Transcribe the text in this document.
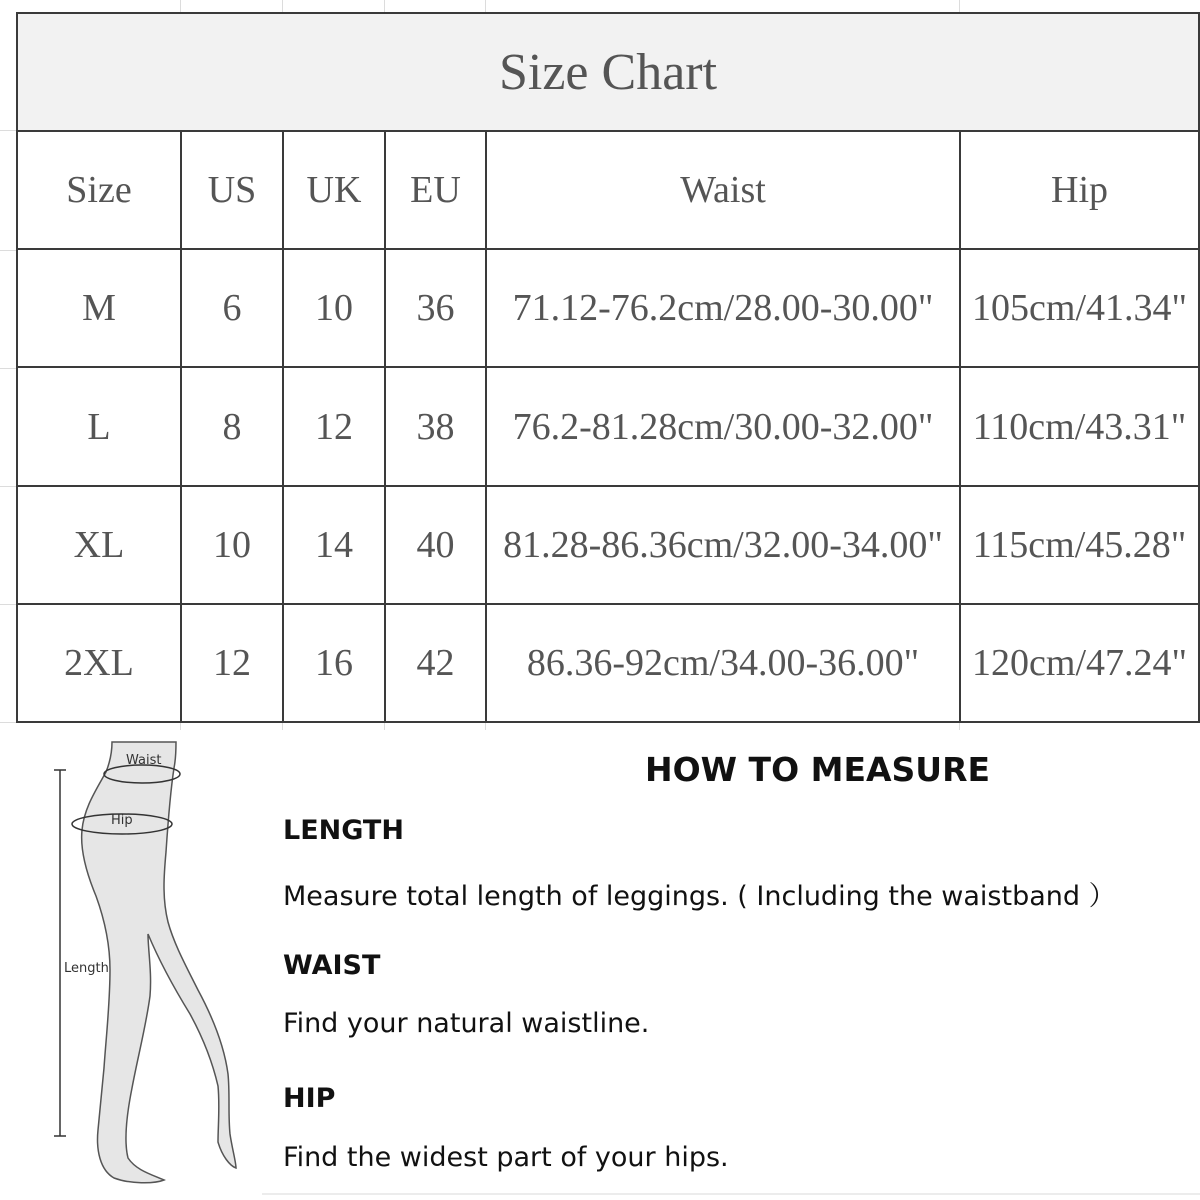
Size Chart					
Size	US	UK	EU	Waist	Hip
M	6	10	36	71.12-76.2cm/28.00-30.00"	105cm/41.34"
L	8	12	38	76.2-81.28cm/30.00-32.00"	110cm/43.31"
XL	10	14	40	81.28-86.36cm/32.00-34.00"	115cm/45.28"
2XL	12	16	42	86.36-92cm/34.00-36.00"	120cm/47.24"
Waist
Hip
Length
HOW TO MEASURE
LENGTH
Measure total length of leggings. ( Including the waistband ）
WAIST
Find your natural waistline.
HIP
Find the widest part of your hips.
